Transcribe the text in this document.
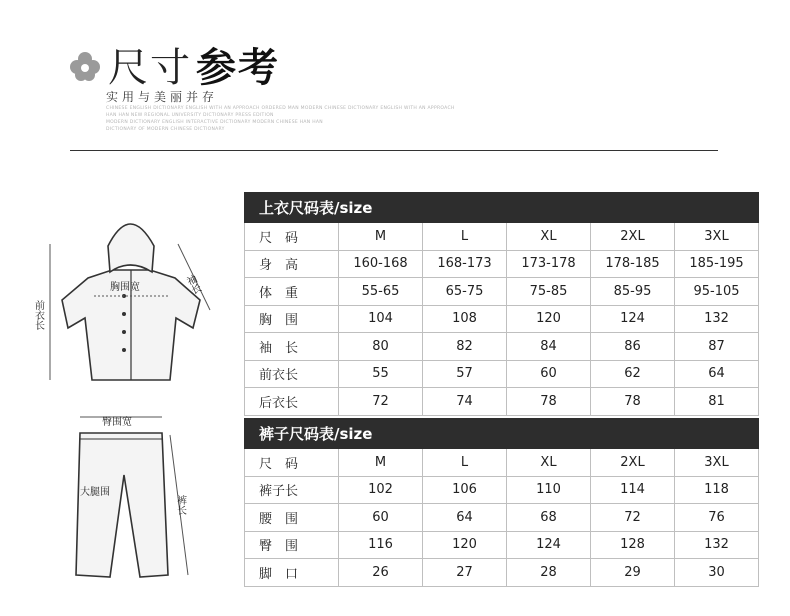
尺寸 参考
实用与美丽并存
CHINESE ENGLISH DICTIONARY ENGLISH WITH AN APPROACH ORDERED MAN MODERN CHINESE DICTIONARY ENGLISH WITH AN APPROACH
HAN HAN NEW REGIONAL UNIVERSITY DICTIONARY PRESS EDITION
MODERN DICTIONARY ENGLISH INTERACTIVE DICTIONARY MODERN CHINESE HAN HAN
DICTIONARY OF MODERN CHINESE DICTIONARY
前衣长
胸围宽	袖长
臀围宽
大腿围
裤长
上衣尺码表/size					
尺　码	M	L	XL	2XL	3XL
身　高	160-168	168-173	173-178	178-185	185-195
体　重	55-65	65-75	75-85	85-95	95-105
胸　围	104	108	120	124	132
袖　长	80	82	84	86	87
前衣长	55	57	60	62	64
后衣长	72	74	78	78	81
裤子尺码表/size					
尺　码	M	L	XL	2XL	3XL
裤子长	102	106	110	114	118
腰　围	60	64	68	72	76
臀　围	116	120	124	128	132
脚　口	26	27	28	29	30
